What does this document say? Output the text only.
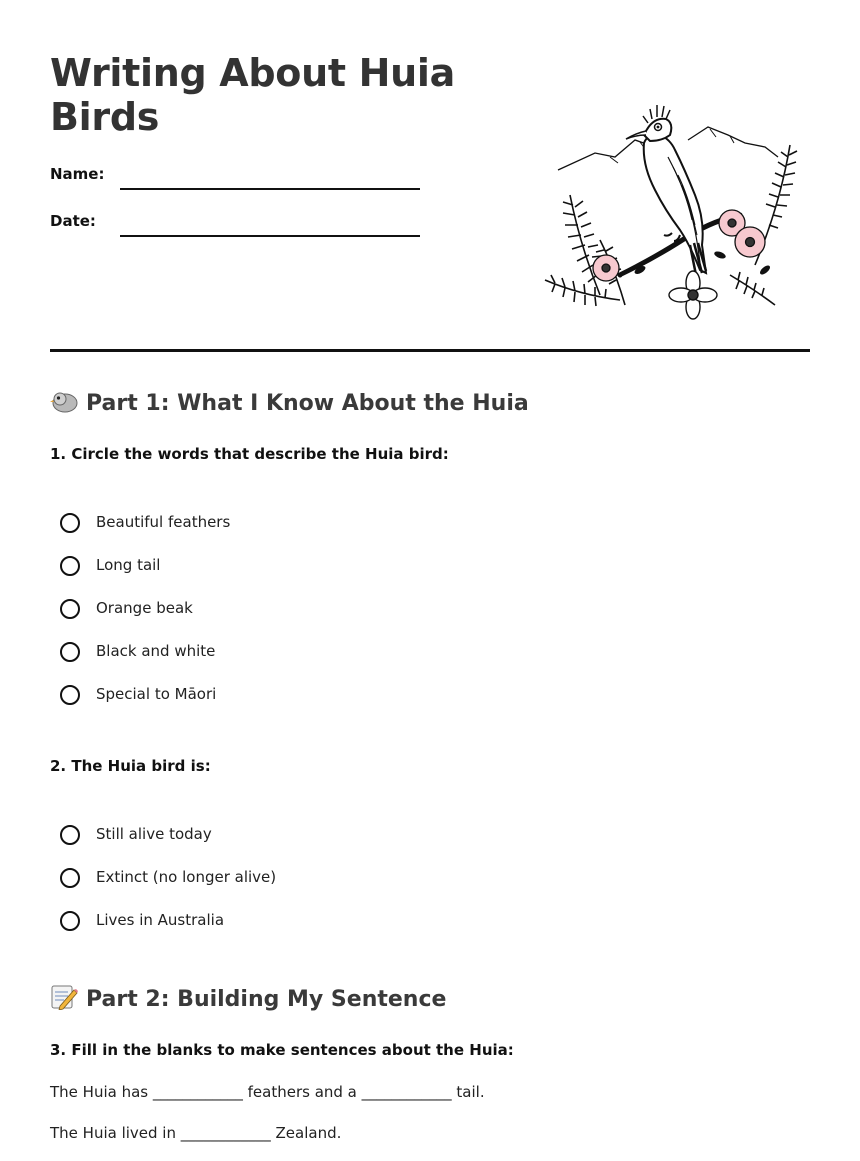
Writing About Huia Birds
Name:
Date:
Part 1: What I Know About the Huia
1. Circle the words that describe the Huia bird:
Beautiful feathers
Long tail
Orange beak
Black and white
Special to Māori
2. The Huia bird is:
Still alive today
Extinct (no longer alive)
Lives in Australia
Part 2: Building My Sentence
3. Fill in the blanks to make sentences about the Huia:
The Huia has ____________ feathers and a ____________ tail.
The Huia lived in ____________ Zealand.
